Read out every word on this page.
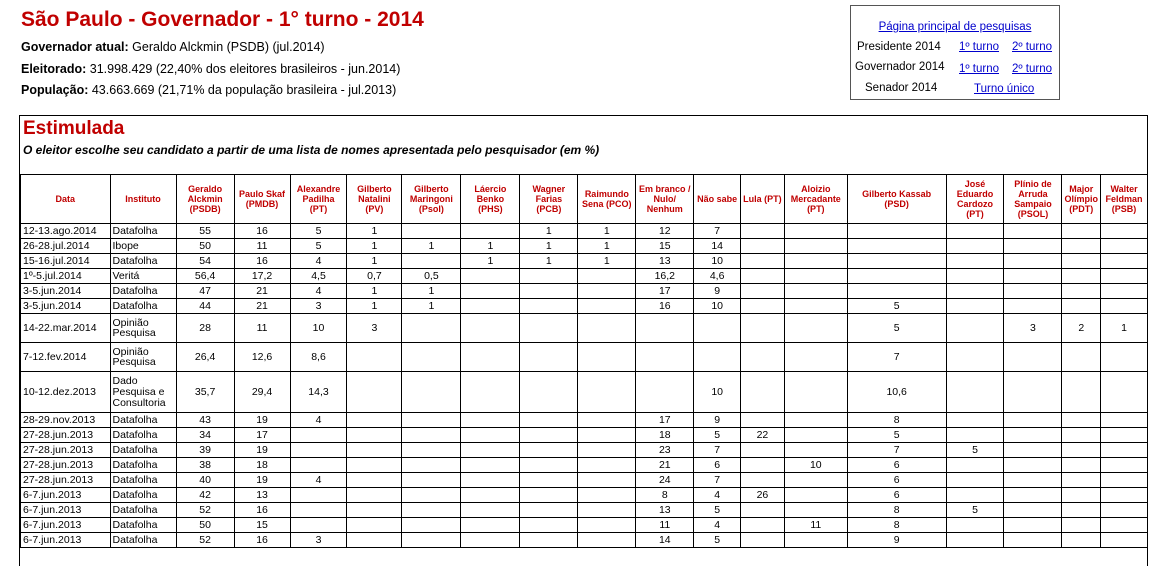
São Paulo - Governador - 1° turno - 2014
Governador atual: Geraldo Alckmin (PSDB) (jul.2014)
Eleitorado: 31.998.429 (22,40% dos eleitores brasileiros - jun.2014)
População: 43.663.669 (21,71% da população brasileira - jul.2013)
Página principal de pesquisas
Presidente 2014 1º turno 2º turno
Governador 2014 1º turno 2º turno
Senador 2014	Turno único
Estimulada
O eleitor escolhe seu candidato a partir de uma lista de nomes apresentada pelo pesquisador (em %)
Data	Instituto	Geraldo Alckmin (PSDB)	Paulo Skaf (PMDB)	Alexandre Padilha (PT)	Gilberto Natalini (PV)	Gilberto Maringoni (Psol)	Láercio Benko (PHS)	Wagner Farias (PCB)	Raimundo Sena (PCO)	Em branco / Nulo/ Nenhum	Não sabe	Lula (PT)	Aloizio Mercadante (PT)	Gilberto Kassab (PSD)	José Eduardo Cardozo (PT)	Plínio de Arruda Sampaio (PSOL)	Major Olímpio (PDT)	Walter Feldman (PSB)
12-13.ago.2014	Datafolha	55	16	5	1			1	1	12	7							
26-28.jul.2014	Ibope	50	11	5	1	1	1	1	1	15	14							
15-16.jul.2014	Datafolha	54	16	4	1		1	1	1	13	10							
1º-5.jul.2014	Veritá	56,4	17,2	4,5	0,7	0,5				16,2	4,6							
3-5.jun.2014	Datafolha	47	21	4	1	1				17	9							
3-5.jun.2014	Datafolha	44	21	3	1	1				16	10			5				
14-22.mar.2014	Opinião Pesquisa	28	11	10	3									5		3	2	1
7-12.fev.2014	Opinião Pesquisa	26,4	12,6	8,6										7				
10-12.dez.2013	Dado Pesquisa e Consultoria	35,7	29,4	14,3							10			10,6				
28-29.nov.2013	Datafolha	43	19	4						17	9			8				
27-28.jun.2013	Datafolha	34	17							18	5	22		5				
27-28.jun.2013	Datafolha	39	19							23	7			7	5			
27-28.jun.2013	Datafolha	38	18							21	6		10	6				
27-28.jun.2013	Datafolha	40	19	4						24	7			6				
6-7.jun.2013	Datafolha	42	13							8	4	26		6				
6-7.jun.2013	Datafolha	52	16							13	5			8	5			
6-7.jun.2013	Datafolha	50	15							11	4		11	8				
6-7.jun.2013	Datafolha	52	16	3						14	5			9				
